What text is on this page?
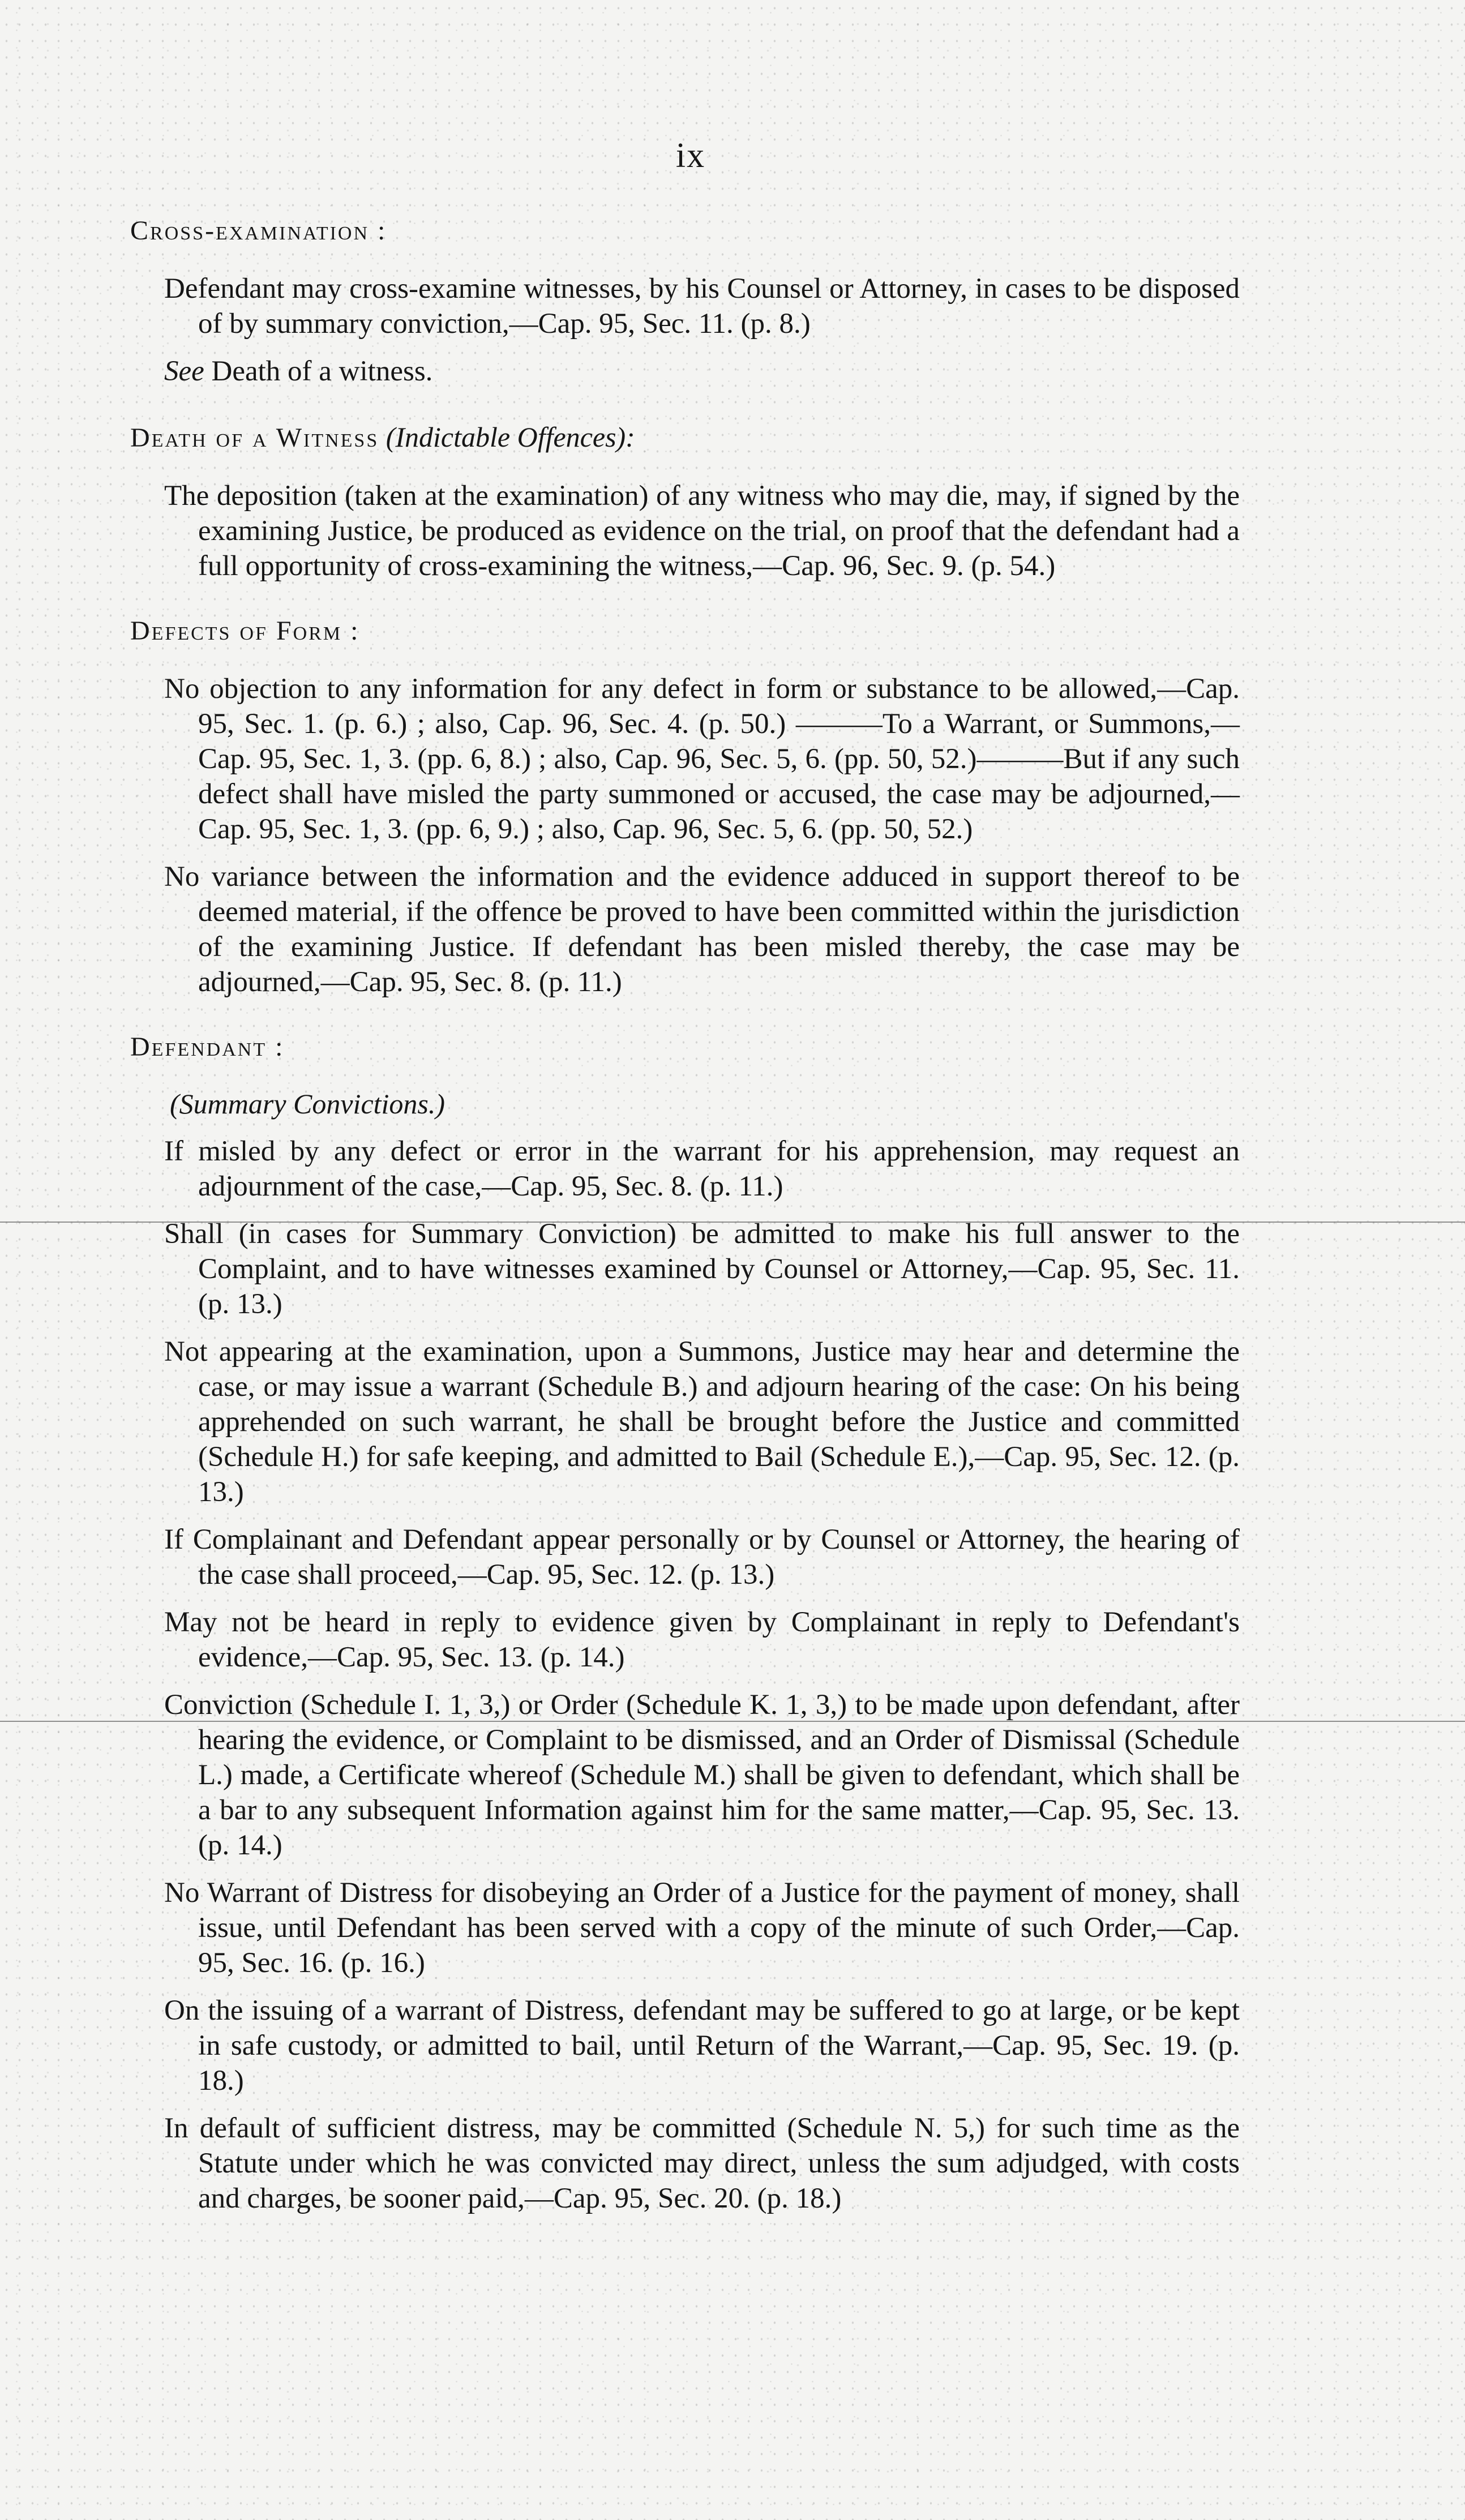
ix
Cross-examination :

Defendant may cross-examine witnesses, by his Counsel or Attorney, in cases to be disposed of by summary conviction,—Cap. 95, Sec. 11. (p. 8.)

See Death of a witness.

Death of a Witness (Indictable Offences):

The deposition (taken at the examination) of any witness who may die, may, if signed by the examining Justice, be produced as evidence on the trial, on proof that the defendant had a full opportunity of cross-examining the witness,—Cap. 96, Sec. 9. (p. 54.)

Defects of Form :

No objection to any information for any defect in form or substance to be allowed,—Cap. 95, Sec. 1. (p. 6.) ; also, Cap. 96, Sec. 4. (p. 50.) ———To a Warrant, or Summons,—Cap. 95, Sec. 1, 3. (pp. 6, 8.) ; also, Cap. 96, Sec. 5, 6. (pp. 50, 52.)———But if any such defect shall have misled the party summoned or accused, the case may be adjourned,—Cap. 95, Sec. 1, 3. (pp. 6, 9.) ; also, Cap. 96, Sec. 5, 6. (pp. 50, 52.)

No variance between the information and the evidence adduced in support thereof to be deemed material, if the offence be proved to have been committed within the jurisdiction of the examining Justice. If defendant has been misled thereby, the case may be adjourned,—Cap. 95, Sec. 8. (p. 11.)

Defendant :
(Summary Convictions.)

If misled by any defect or error in the warrant for his apprehension, may request an adjournment of the case,—Cap. 95, Sec. 8. (p. 11.)

Shall (in cases for Summary Conviction) be admitted to make his full answer to the Complaint, and to have witnesses examined by Counsel or Attorney,—Cap. 95, Sec. 11. (p. 13.)

Not appearing at the examination, upon a Summons, Justice may hear and determine the case, or may issue a warrant (Schedule B.) and adjourn hearing of the case: On his being apprehended on such warrant, he shall be brought before the Justice and committed (Schedule H.) for safe keeping, and admitted to Bail (Schedule E.),—Cap. 95, Sec. 12. (p. 13.)

If Complainant and Defendant appear personally or by Counsel or Attorney, the hearing of the case shall proceed,—Cap. 95, Sec. 12. (p. 13.)

May not be heard in reply to evidence given by Complainant in reply to Defendant's evidence,—Cap. 95, Sec. 13. (p. 14.)

Conviction (Schedule I. 1, 3,) or Order (Schedule K. 1, 3,) to be made upon defendant, after hearing the evidence, or Complaint to be dismissed, and an Order of Dismissal (Schedule L.) made, a Certificate whereof (Schedule M.) shall be given to defendant, which shall be a bar to any subsequent Information against him for the same matter,—Cap. 95, Sec. 13. (p. 14.)

No Warrant of Distress for disobeying an Order of a Justice for the payment of money, shall issue, until Defendant has been served with a copy of the minute of such Order,—Cap. 95, Sec. 16. (p. 16.)

On the issuing of a warrant of Distress, defendant may be suffered to go at large, or be kept in safe custody, or admitted to bail, until Return of the Warrant,—Cap. 95, Sec. 19. (p. 18.)

In default of sufficient distress, may be committed (Schedule N. 5,) for such time as the Statute under which he was convicted may direct, unless the sum adjudged, with costs and charges, be sooner paid,—Cap. 95, Sec. 20. (p. 18.)
